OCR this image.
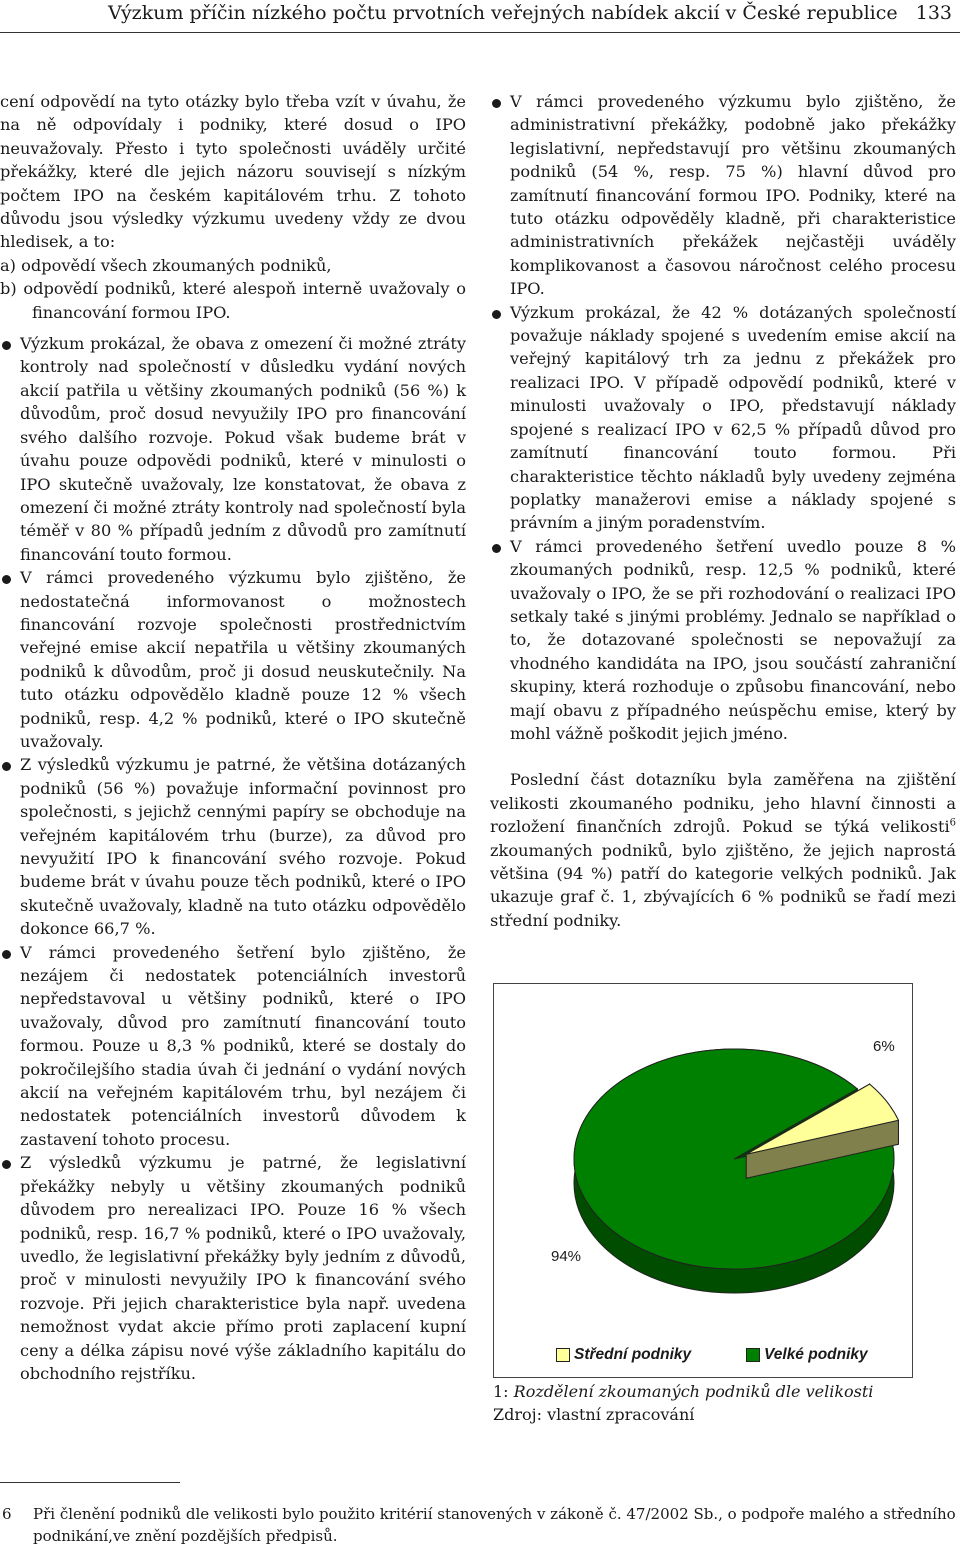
Výzkum příčin nízkého počtu prvotních veřejných nabídek akcií v České republice 133

cení odpovědí na tyto otázky bylo třeba vzít v úvahu, že na ně odpovídaly i podniky, které dosud o IPO neuvažovaly. Přesto i tyto společnosti uváděly určité překážky, které dle jejich názoru souvisejí s nízkým počtem IPO na českém kapitálovém trhu. Z tohoto důvodu jsou výsledky výzkumu uvedeny vždy ze dvou hledisek, a to:

a) odpovědí všech zkoumaných podniků,

b) odpovědí podniků, které alespoň interně uvažovaly o financování formou IPO.

Výzkum prokázal, že obava z omezení či možné ztráty kontroly nad společností v důsledku vydání nových akcií patřila u většiny zkoumaných podniků (56 %) k důvodům, proč dosud nevyužily IPO pro financování svého dalšího rozvoje. Pokud však budeme brát v úvahu pouze odpovědi podniků, které v minulosti o IPO skutečně uvažovaly, lze konstatovat, že obava z omezení či možné ztráty kontroly nad společností byla téměř v 80 % případů jedním z důvodů pro zamítnutí financování touto formou.

V rámci provedeného výzkumu bylo zjištěno, že nedostatečná informovanost o možnostech financování rozvoje společnosti prostřednictvím veřejné emise akcií nepatřila u většiny zkoumaných podniků k důvodům, proč ji dosud neuskutečnily. Na tuto otázku odpovědělo kladně pouze 12 % všech podniků, resp. 4,2 % podniků, které o IPO skutečně uvažovaly.

Z výsledků výzkumu je patrné, že většina dotázaných podniků (56 %) považuje informační povinnost pro společnosti, s jejichž cennými papíry se obchoduje na veřejném kapitálovém trhu (burze), za důvod pro nevyužití IPO k financování svého rozvoje. Pokud budeme brát v úvahu pouze těch podniků, které o IPO skutečně uvažovaly, kladně na tuto otázku odpovědělo dokonce 66,7 %.

V rámci provedeného šetření bylo zjištěno, že nezájem či nedostatek potenciálních investorů nepředstavoval u většiny podniků, které o IPO uvažovaly, důvod pro zamítnutí financování touto formou. Pouze u 8,3 % podniků, které se dostaly do pokročilejšího stadia úvah či jednání o vydání nových akcií na veřejném kapitálovém trhu, byl nezájem či nedostatek potenciálních investorů důvodem k zastavení tohoto procesu.

Z výsledků výzkumu je patrné, že legislativní překážky nebyly u většiny zkoumaných podniků důvodem pro nerealizaci IPO. Pouze 16 % všech podniků, resp. 16,7 % podniků, které o IPO uvažovaly, uvedlo, že legislativní překážky byly jedním z důvodů, proč v minulosti nevyužily IPO k financování svého rozvoje. Při jejich charakteristice byla např. uvedena nemožnost vydat akcie přímo proti zaplacení kupní ceny a délka zápisu nové výše základního kapitálu do obchodního rejstříku.

V rámci provedeného výzkumu bylo zjištěno, že administrativní překážky, podobně jako překážky legislativní, nepředstavují pro většinu zkoumaných podniků (54 %, resp. 75 %) hlavní důvod pro zamítnutí financování formou IPO. Podniky, které na tuto otázku odpověděly kladně, při charakteristice administrativních překážek nejčastěji uváděly komplikovanost a časovou náročnost celého procesu IPO.

Výzkum prokázal, že 42 % dotázaných společností považuje náklady spojené s uvedením emise akcií na veřejný kapitálový trh za jednu z překážek pro realizaci IPO. V případě odpovědí podniků, které v minulosti uvažovaly o IPO, představují náklady spojené s realizací IPO v 62,5 % případů důvod pro zamítnutí financování touto formou. Při charakteristice těchto nákladů byly uvedeny zejména poplatky manažerovi emise a náklady spojené s právním a jiným poradenstvím.

V rámci provedeného šetření uvedlo pouze 8 % zkoumaných podniků, resp. 12,5 % podniků, které uvažovaly o IPO, že se při rozhodování o realizaci IPO setkaly také s jinými problémy. Jednalo se například o to, že dotazované společnosti se nepovažují za vhodného kandidáta na IPO, jsou součástí zahraniční skupiny, která rozhoduje o způsobu financování, nebo mají obavu z případného neúspěchu emise, který by mohl vážně poškodit jejich jméno.

Poslední část dotazníku byla zaměřena na zjištění velikosti zkoumaného podniku, jeho hlavní činnosti a rozložení finančních zdrojů. Pokud se týká velikosti$^6$ zkoumaných podniků, bylo zjištěno, že jejich naprostá většina (94 %) patří do kategorie velkých podniků. Jak ukazuje graf č. 1, zbývajících 6 % podniků se řadí mezi střední podniky.

6%
94%
Střední podniky	Velké podniky
1: Rozdělení zkoumaných podniků dle velikosti
Zdroj: vlastní zpracování
6 Při členění podniků dle velikosti bylo použito kritérií stanovených v zákoně č. 47/2002 Sb., o podpoře malého a středního podnikání,ve znění pozdějších předpisů.
